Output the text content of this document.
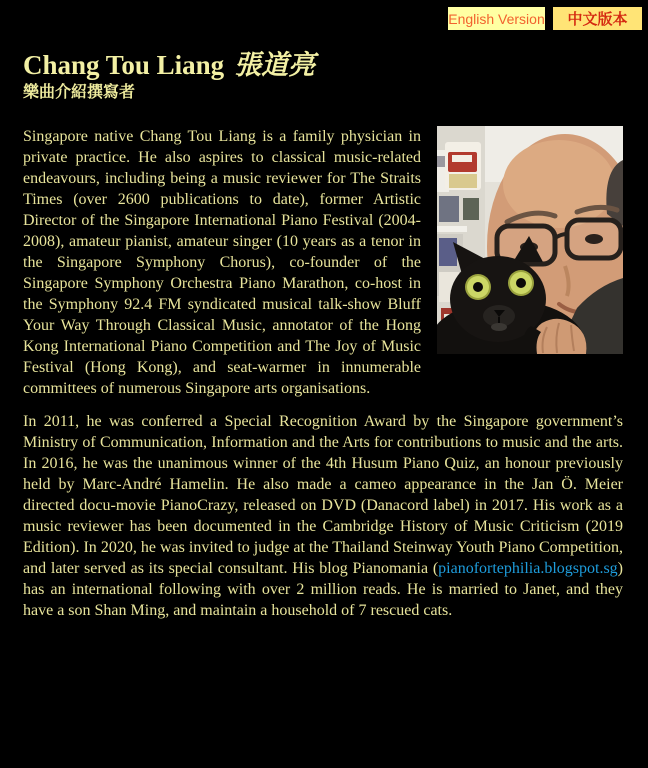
English Version	中文版本
Chang Tou Liang 張道亮
樂曲介紹撰寫者

Singapore native Chang Tou Liang is a family physician in private practice. He also aspires to classical music-related endeavours, including being a music reviewer for The Straits Times (over 2600 publications to date), former Artistic Director of the Singapore International Piano Festival (2004-2008), amateur pianist, amateur singer (10 years as a tenor in the Singapore Symphony Chorus), co-founder of the Singapore Symphony Orchestra Piano Marathon, co-host in the Symphony 92.4 FM syndicated musical talk-show Bluff Your Way Through Classical Music, annotator of the Hong Kong International Piano Competition and The Joy of Music Festival (Hong Kong), and seat-warmer in innumerable committees of numerous Singapore arts organisations.

In 2011, he was conferred a Special Recognition Award by the Singapore government’s Ministry of Communication, Information and the Arts for contributions to music and the arts. In 2016, he was the unanimous winner of the 4th Husum Piano Quiz, an honour previously held by Marc-André Hamelin. He also made a cameo appearance in the Jan Ö. Meier directed docu-movie PianoCrazy, released on DVD (Danacord label) in 2017. His work as a music reviewer has been documented in the Cambridge History of Music Criticism (2019 Edition). In 2020, he was invited to judge at the Thailand Steinway Youth Piano Competition, and later served as its special consultant. His blog Pianomania (pianofortephilia.blogspot.sg) has an international following with over 2 million reads. He is married to Janet, and they have a son Shan Ming, and maintain a household of 7 rescued cats.
